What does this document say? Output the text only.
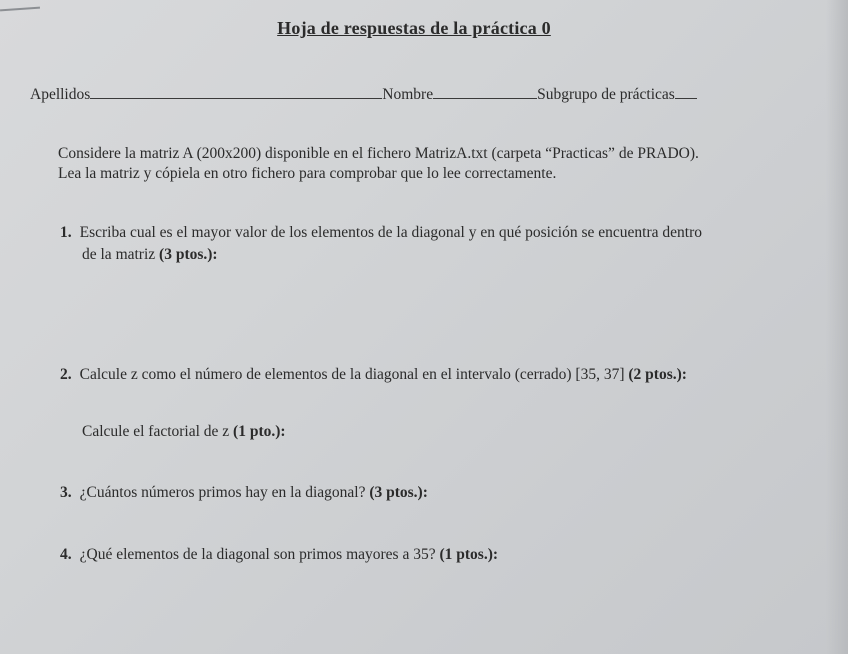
Hoja de respuestas de la práctica 0
Apellidos	Nombre	Subgrupo de prácticas
Considere la matriz A (200x200) disponible en el fichero MatrizA.txt (carpeta “Practicas” de PRADO).
Lea la matriz y cópiela en otro fichero para comprobar que lo lee correctamente.
1. Escriba cual es el mayor valor de los elementos de la diagonal y en qué posición se encuentra dentro
de la matriz (3 ptos.):
2. Calcule z como el número de elementos de la diagonal en el intervalo (cerrado) [35, 37] (2 ptos.):
Calcule el factorial de z (1 pto.):
3. ¿Cuántos números primos hay en la diagonal? (3 ptos.):
4. ¿Qué elementos de la diagonal son primos mayores a 35? (1 ptos.):
